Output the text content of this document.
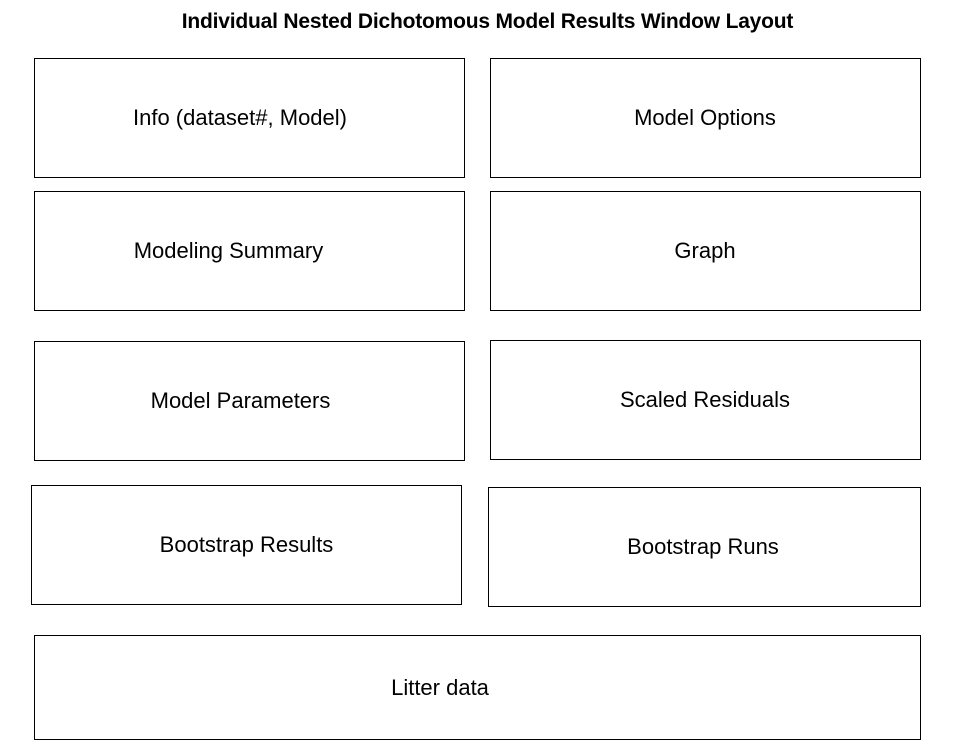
Individual Nested Dichotomous Model Results Window Layout
Info (dataset#, Model)	Model Options
Modeling Summary	Graph
Model Parameters	Scaled Residuals
Bootstrap Results	Bootstrap Runs
Litter data
